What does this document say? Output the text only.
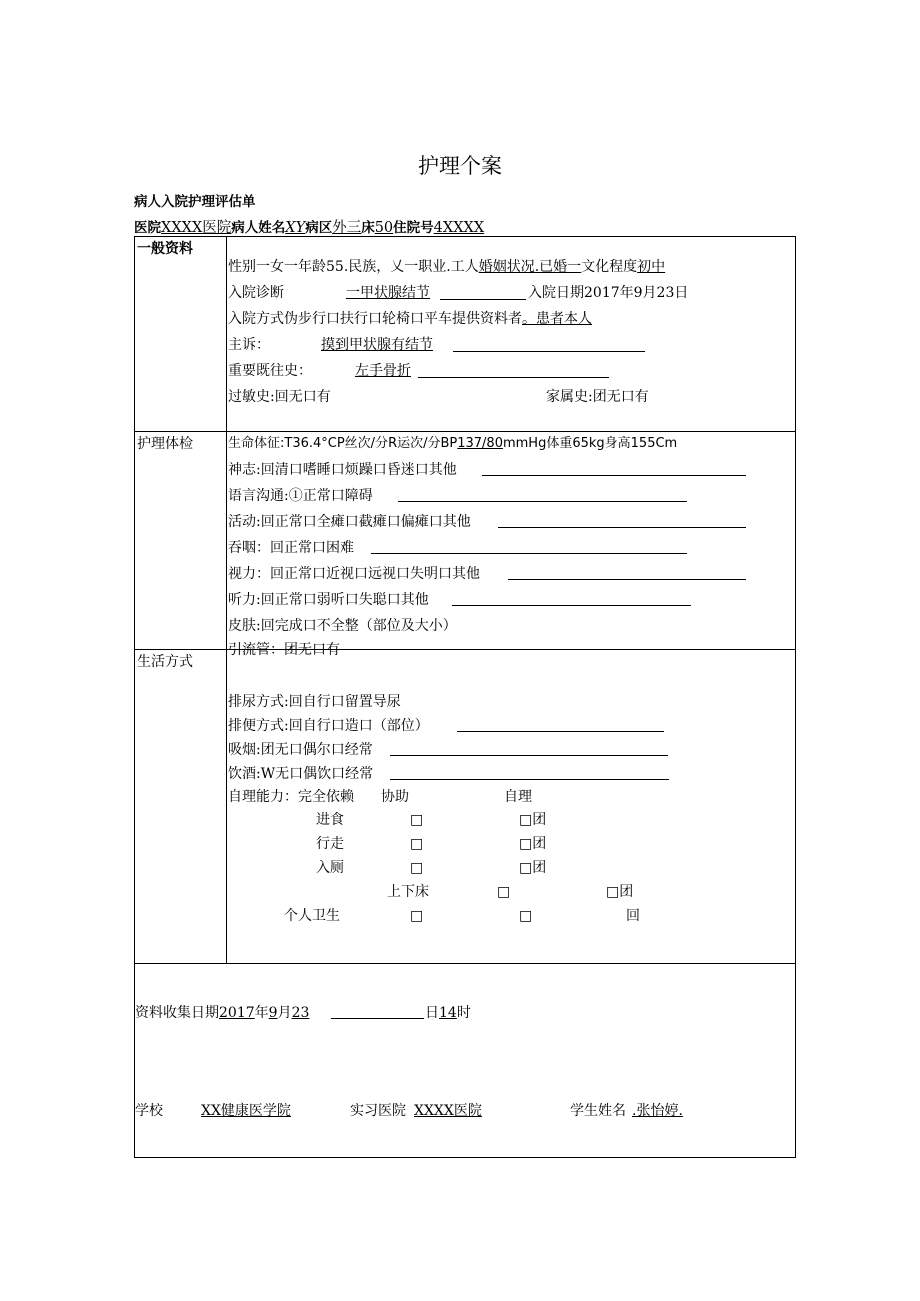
护理个案
病人入院护理评估单
医院XXXX医院病人姓名XY病区外三床50住院号4XXXX
一般资料
性别一女一年龄55.民族，乂一职业.工人婚姻状况.已婚一文化程度初中
入院诊断	一甲状腺结节	入院日期2017年9月23日
入院方式伪步行口扶行口轮椅口平车提供资料者。患者本人
主诉：	摸到甲状腺有结节
重要既往史：	左手骨折
过敏史:回无口有	家属史:团无口有
护理体检	生命体征:T36.4°CP丝次/分R运次/分BP137/80mmHg体重65kg身高155Cm
神志:回清口嗜睡口烦躁口昏迷口其他
语言沟通:①正常口障碍
活动:回正常口全瘫口截瘫口偏瘫口其他
吞咽：回正常口困难
视力：回正常口近视口远视口失明口其他
听力:回正常口弱听口失聪口其他
皮肤:回完成口不全整（部位及大小）
引流管：团无口有
生活方式
排尿方式:回自行口留置导尿
排便方式:回自行口造口（部位）
吸烟:团无口偶尔口经常
饮酒:W无口偶饮口经常
自理能力：完全依赖 协助	自理
进食	□	□团
行走	□	□团
入厕	□	□团
上下床	□	□团
个人卫生	□	□	回
资料收集日期2017年9月23	日14时
学校	XX健康医学院	实习医院 XXXX医院	学生姓名 .张怡婷.
